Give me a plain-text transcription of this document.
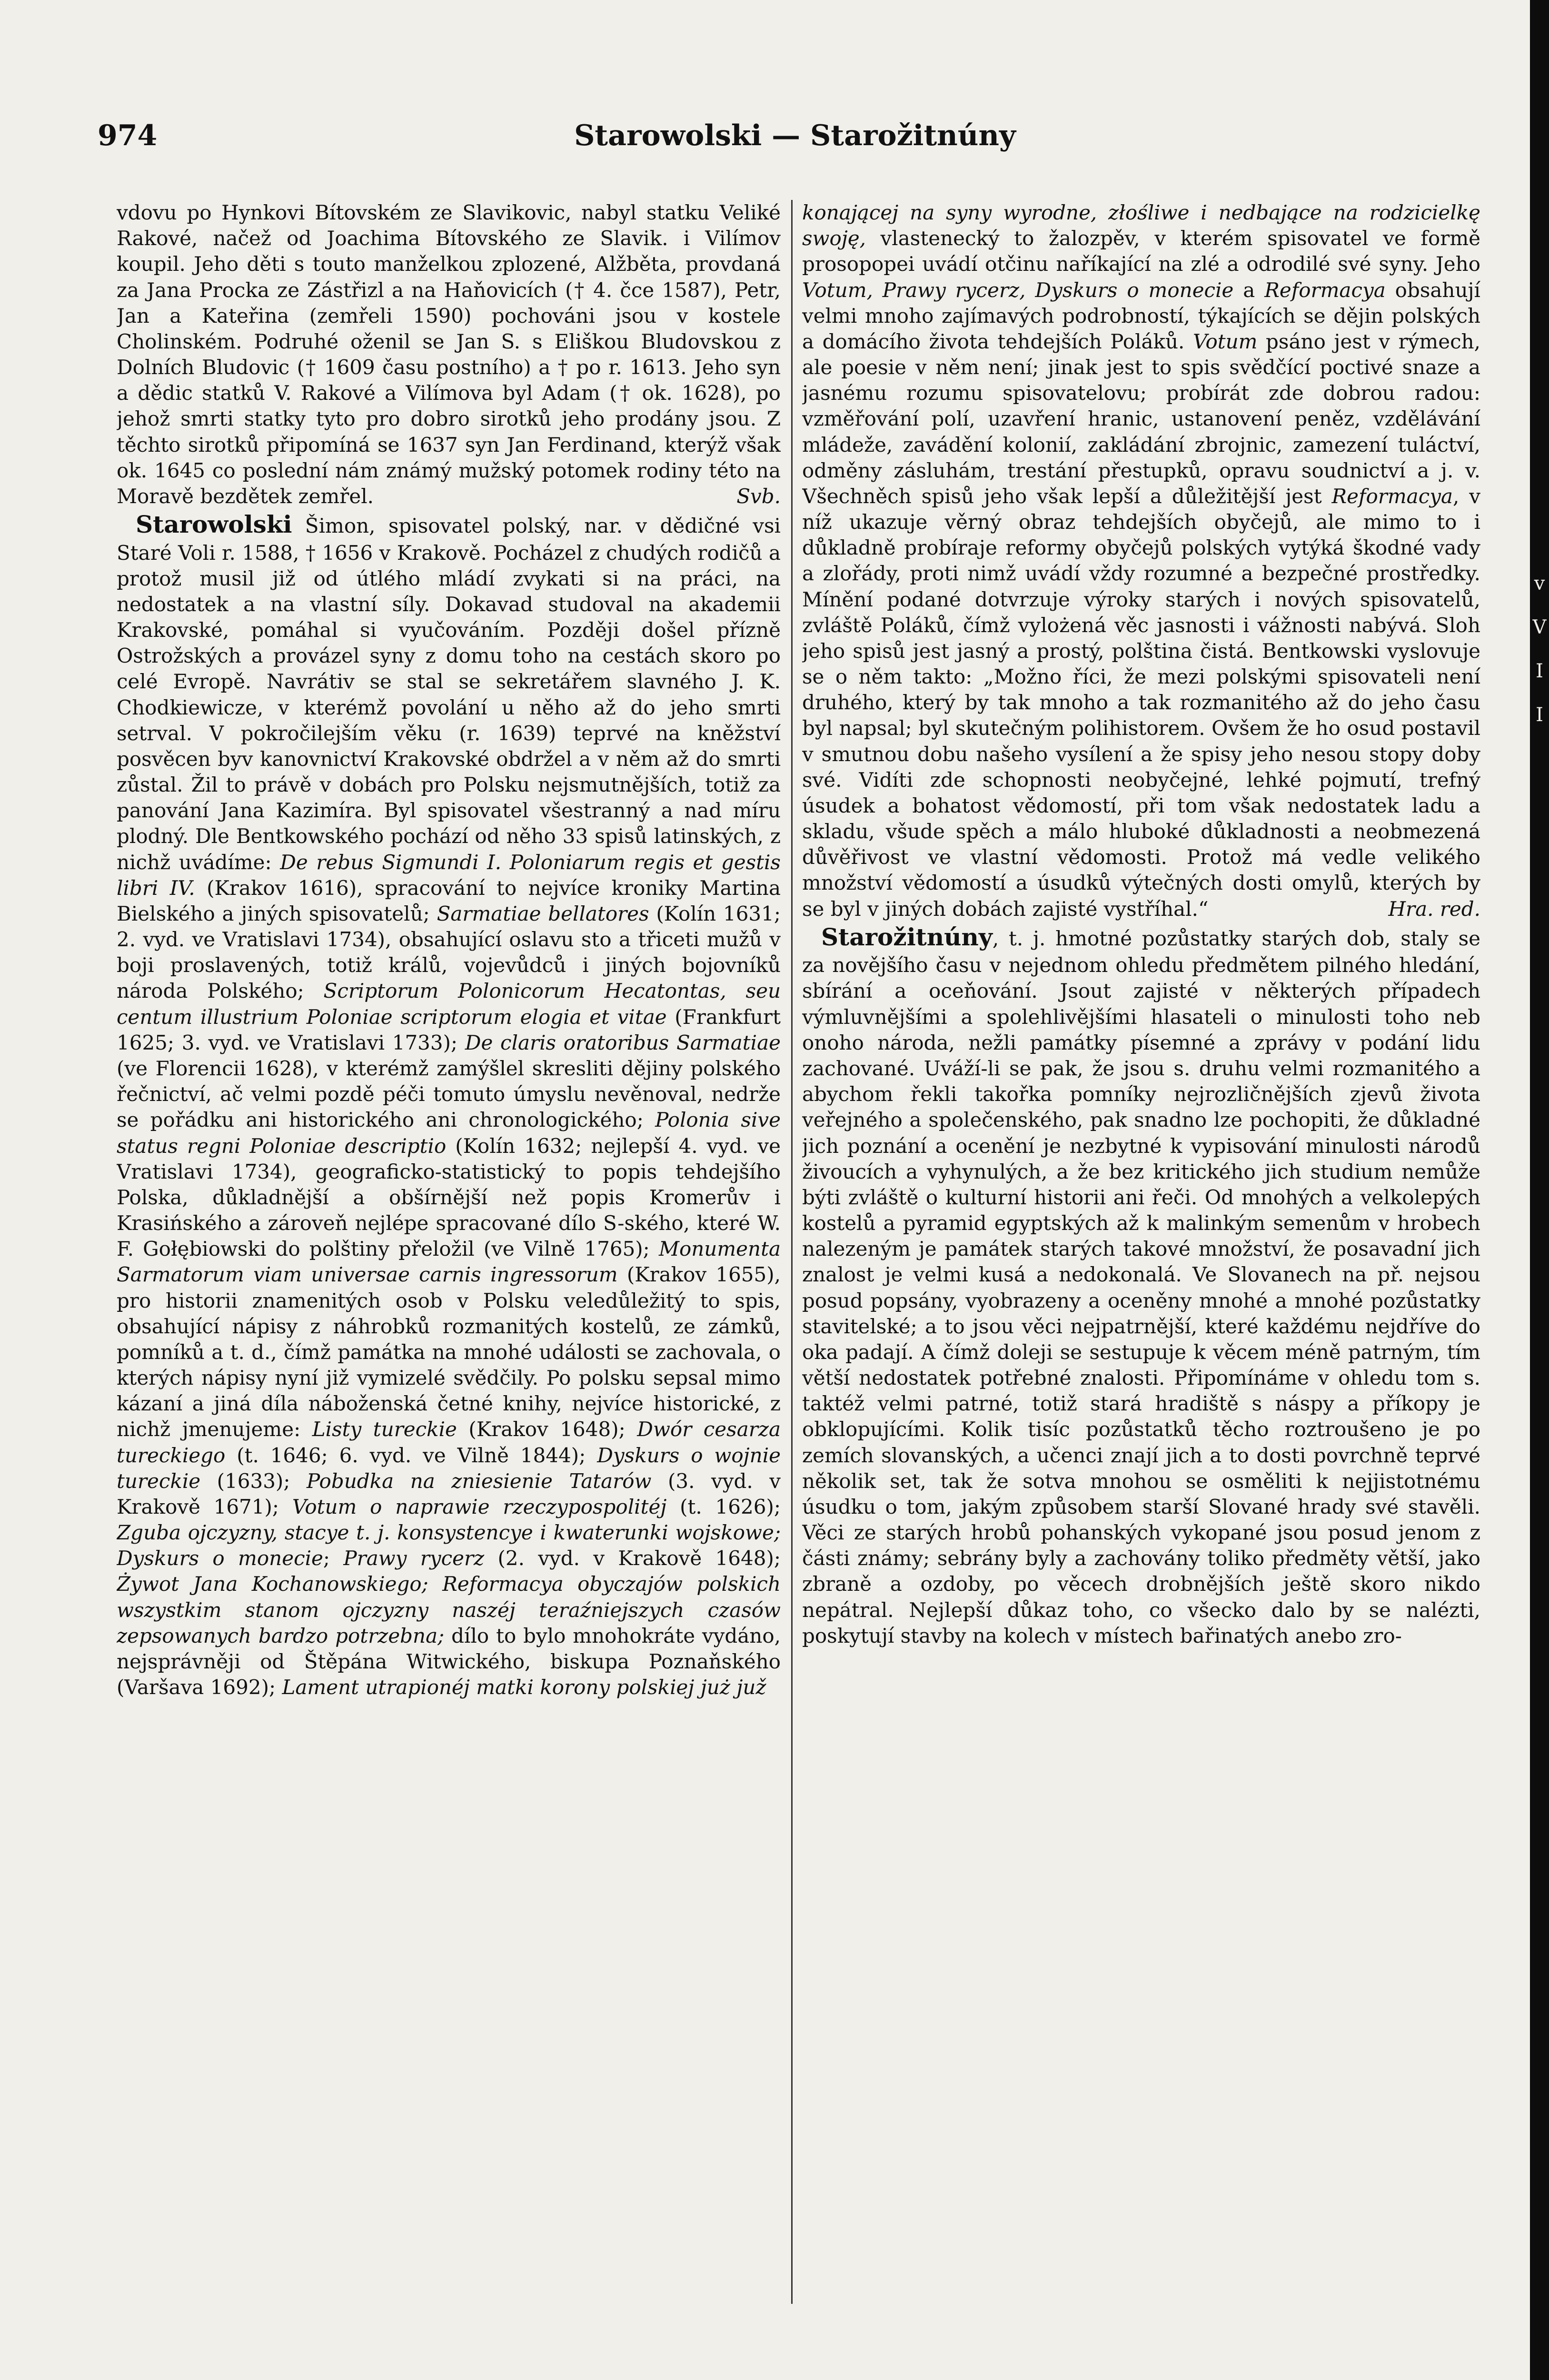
v
V
I
I
974	Starowolski — Starožitnúny

vdovu po Hynkovi Bítovském ze Slavikovic, nabyl statku Veliké Rakové, načež od Joachima Bítovského ze Slavik. i Vilímov koupil. Jeho děti s touto manželkou zplozené, Alžběta, provdaná za Jana Procka ze Zástřizl a na Haňovicích († 4. čce 1587), Petr, Jan a Kateřina (zemřeli 1590) pochováni jsou v kostele Cholinském. Podruhé oženil se Jan S. s Eliškou Bludovskou z Dolních Bludovic († 1609 času postního) a † po r. 1613. Jeho syn a dědic statků V. Rakové a Vilímova byl Adam († ok. 1628), po jehož smrti statky tyto pro dobro sirotků jeho prodány jsou. Z těchto sirotků připomíná se 1637 syn Jan Ferdinand, kterýž však ok. 1645 co poslední nám známý mužský potomek rodiny této na Moravě bezdětek zemřel.	Svb.

Starowolski Šimon, spisovatel polský, nar. v dědičné vsi Staré Voli r. 1588, † 1656 v Krakově. Pocházel z chudých rodičů a protož musil již od útlého mládí zvykati si na práci, na nedostatek a na vlastní síly. Dokavad studoval na akademii Krakovské, pomáhal si vyučováním. Později došel přízně Ostrožských a provázel syny z domu toho na cestách skoro po celé Evropě. Navrátiv se stal se sekretářem slavného J. K. Chodkiewicze, v kterémž povolání u něho až do jeho smrti setrval. V pokročilejším věku (r. 1639) teprvé na kněžství posvěcen byv kanovnictví Krakovské obdržel a v něm až do smrti zůstal. Žil to právě v dobách pro Polsku nejsmutnějších, totiž za panování Jana Kazimíra. Byl spisovatel všestranný a nad míru plodný. Dle Bentkowského pochází od něho 33 spisů latinských, z nichž uvádíme: De rebus Sigmundi I. Poloniarum regis et gestis libri IV. (Krakov 1616), spracování to nejvíce kroniky Martina Bielského a jiných spisovatelů; Sarmatiae bellatores (Kolín 1631; 2. vyd. ve Vratislavi 1734), obsahující oslavu sto a třiceti mužů v boji proslavených, totiž králů, vojevůdců i jiných bojovníků národa Polského; Scriptorum Polonicorum Hecatontas, seu centum illustrium Poloniae scriptorum elogia et vitae (Frankfurt 1625; 3. vyd. ve Vratislavi 1733); De claris oratoribus Sarmatiae (ve Florencii 1628), v kterémž zamýšlel skresliti dějiny polského řečnictví, ač velmi pozdě péči tomuto úmyslu nevěnoval, nedrže se pořádku ani historického ani chronologického; Polonia sive status regni Poloniae descriptio (Kolín 1632; nejlepší 4. vyd. ve Vratislavi 1734), geograficko-statistický to popis tehdejšího Polska, důkladnější a obšírnější než popis Kromerův i Krasińského a zároveň nejlépe spracované dílo S-ského, které W. F. Gołębiowski do polštiny přeložil (ve Vilně 1765); Monumenta Sarmatorum viam universae carnis ingressorum (Krakov 1655), pro historii znamenitých osob v Polsku veledůležitý to spis, obsahující nápisy z náhrobků rozmanitých kostelů, ze zámků, pomníků a t. d., čímž památka na mnohé události se zachovala, o kterých nápisy nyní již vymizelé svědčily. Po polsku sepsal mimo kázaní a jiná díla náboženská četné knihy, nejvíce historické, z nichž jmenujeme: Listy tureckie (Krakov 1648); Dwór cesarza tureckiego (t. 1646; 6. vyd. ve Vilně 1844); Dyskurs o wojnie tureckie (1633); Pobudka na zniesienie Tatarów (3. vyd. v Krakově 1671); Votum o naprawie rzeczypospolitéj (t. 1626); Zguba ojczyzny, stacye t. j. konsystencye i kwaterunki wojskowe; Dyskurs o monecie; Prawy rycerz (2. vyd. v Krakově 1648); Żywot Jana Kochanowskiego; Reformacya obyczajów polskich wszystkim stanom ojczyzny naszéj teraźniejszych czasów zepsowanych bardzo potrzebna; dílo to bylo mnohokráte vydáno, nejsprávněji od Štěpána Witwického, biskupa Poznaňského (Varšava 1692); Lament utrapionéj matki korony polskiej już juž

konającej na syny wyrodne, złośliwe i nedbające na rodzicielkę swoję, vlastenecký to žalozpěv, v kterém spisovatel ve formě prosopopei uvádí otčinu naříkající na zlé a odrodilé své syny. Jeho Votum, Prawy rycerz, Dyskurs o monecie a Reformacya obsahují velmi mnoho zajímavých podrobností, týkajících se dějin polských a domácího života tehdejších Poláků. Votum psáno jest v rýmech, ale poesie v něm není; jinak jest to spis svědčící poctivé snaze a jasnému rozumu spisovatelovu; probírát zde dobrou radou: vzměřování polí, uzavření hranic, ustanovení peněz, vzdělávání mládeže, zavádění kolonií, zakládání zbrojnic, zamezení tuláctví, odměny zásluhám, trestání přestupků, opravu soudnictví a j. v. Všechněch spisů jeho však lepší a důležitější jest Reformacya, v níž ukazuje věrný obraz tehdejších obyčejů, ale mimo to i důkladně probíraje reformy obyčejů polských vytýká škodné vady a zlořády, proti nimž uvádí vždy rozumné a bezpečné prostředky. Mínění podané dotvrzuje výroky starých i nových spisovatelů, zvláště Poláků, čímž vylożená věc jasnosti i vážnosti nabývá. Sloh jeho spisů jest jasný a prostý, polština čistá. Bentkowski vyslovuje se o něm takto: „Možno říci, že mezi polskými spisovateli není druhého, který by tak mnoho a tak rozmanitého až do jeho času byl napsal; byl skutečným polihistorem. Ovšem že ho osud postavil v smutnou dobu našeho vysílení a že spisy jeho nesou stopy doby své. Vidíti zde schopnosti neobyčejné, lehké pojmutí, trefný úsudek a bohatost vědomostí, při tom však nedostatek ladu a skladu, všude spěch a málo hluboké důkladnosti a neobmezená důvěřivost ve vlastní vědomosti. Protož má vedle velikého množství vědomostí a úsudků výtečných dosti omylů, kterých by se byl v jiných dobách zajisté vystříhal.“	Hra. red.

Starožitnúny, t. j. hmotné pozůstatky starých dob, staly se za novějšího času v nejednom ohledu předmětem pilného hledání, sbírání a oceňování. Jsout zajisté v některých případech výmluvnějšími a spolehlivějšími hlasateli o minulosti toho neb onoho národa, nežli památky písemné a zprávy v podání lidu zachované. Uváží-li se pak, že jsou s. druhu velmi rozmanitého a abychom řekli takořka pomníky nejrozličnějších zjevů života veřejného a společenského, pak snadno lze pochopiti, že důkladné jich poznání a ocenění je nezbytné k vypisování minulosti národů živoucích a vyhynulých, a že bez kritického jich studium nemůže býti zvláště o kulturní historii ani řeči. Od mnohých a velkolepých kostelů a pyramid egyptských až k malinkým semenům v hrobech nalezeným je památek starých takové množství, že posavadní jich znalost je velmi kusá a nedokonalá. Ve Slovanech na př. nejsou posud popsány, vyobrazeny a oceněny mnohé a mnohé pozůstatky stavitelské; a to jsou věci nejpatrnější, které každému nejdříve do oka padají. A čímž doleji se sestupuje k věcem méně patrným, tím větší nedostatek potřebné znalosti. Připomínáme v ohledu tom s. taktéž velmi patrné, totiž stará hradiště s náspy a příkopy je obklopujícími. Kolik tisíc pozůstatků těcho roztroušeno je po zemích slovanských, a učenci znají jich a to dosti povrchně teprvé několik set, tak že sotva mnohou se osměliti k nejjistotnému úsudku o tom, jakým způsobem starší Slované hrady své stavěli. Věci ze starých hrobů pohanských vykopané jsou posud jenom z části známy; sebrány byly a zachovány toliko předměty větší, jako zbraně a ozdoby, po věcech drobnějších ještě skoro nikdo nepátral. Nejlepší důkaz toho, co všecko dalo by se nalézti, poskytují stavby na kolech v místech bařinatých anebo zro-
